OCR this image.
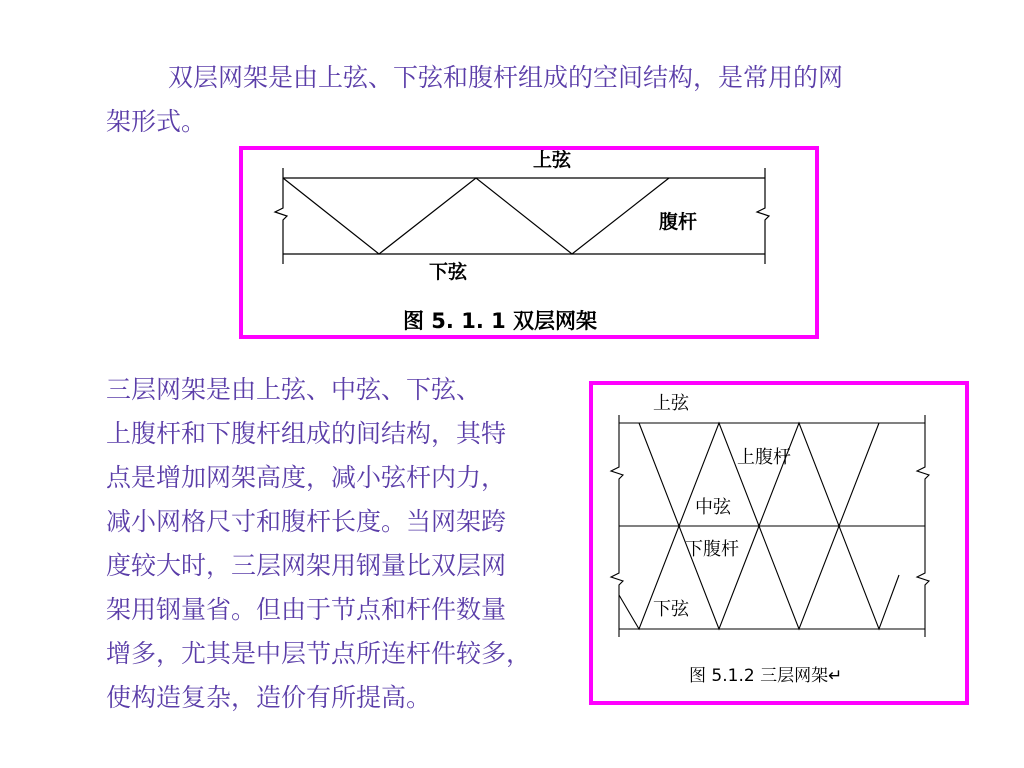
双层网架是由上弦、下弦和腹杆组成的空间结构，是常用的网
架形式。
上弦
腹杆
下弦
图 5. 1. 1 双层网架
三层网架是由上弦、中弦、下弦、
上腹杆和下腹杆组成的间结构，其特
点是增加网架高度，减小弦杆内力，
减小网格尺寸和腹杆长度。当网架跨
度较大时，三层网架用钢量比双层网
架用钢量省。但由于节点和杆件数量
增多，尤其是中层节点所连杆件较多，
使构造复杂，造价有所提高。
上弦
上腹杆
中弦
下腹杆
下弦
图 5.1.2 三层网架↵
